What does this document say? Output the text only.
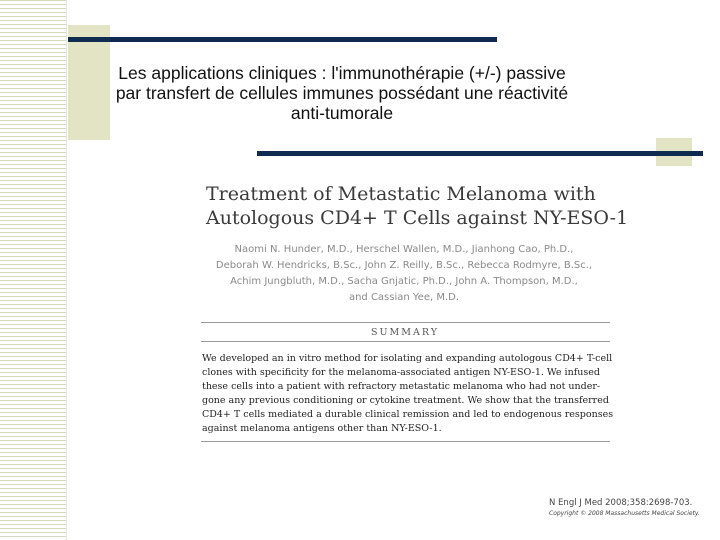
Les applications cliniques : l'immunothérapie (+/-) passive
par transfert de cellules immunes possédant une réactivité
anti-tumorale
Treatment of Metastatic Melanoma with
Autologous CD4+ T Cells against NY-ESO-1
Naomi N. Hunder, M.D., Herschel Wallen, M.D., Jianhong Cao, Ph.D.,
Deborah W. Hendricks, B.Sc., John Z. Reilly, B.Sc., Rebecca Rodmyre, B.Sc.,
Achim Jungbluth, M.D., Sacha Gnjatic, Ph.D., John A. Thompson, M.D.,
and Cassian Yee, M.D.
SUMMARY
We developed an in vitro method for isolating and expanding autologous CD4+ T-cell
clones with specificity for the melanoma-associated antigen NY-ESO-1. We infused
these cells into a patient with refractory metastatic melanoma who had not under-
gone any previous conditioning or cytokine treatment. We show that the transferred
CD4+ T cells mediated a durable clinical remission and led to endogenous responses
against melanoma antigens other than NY-ESO-1.
N Engl J Med 2008;358:2698-703.
Copyright © 2008 Massachusetts Medical Society.
